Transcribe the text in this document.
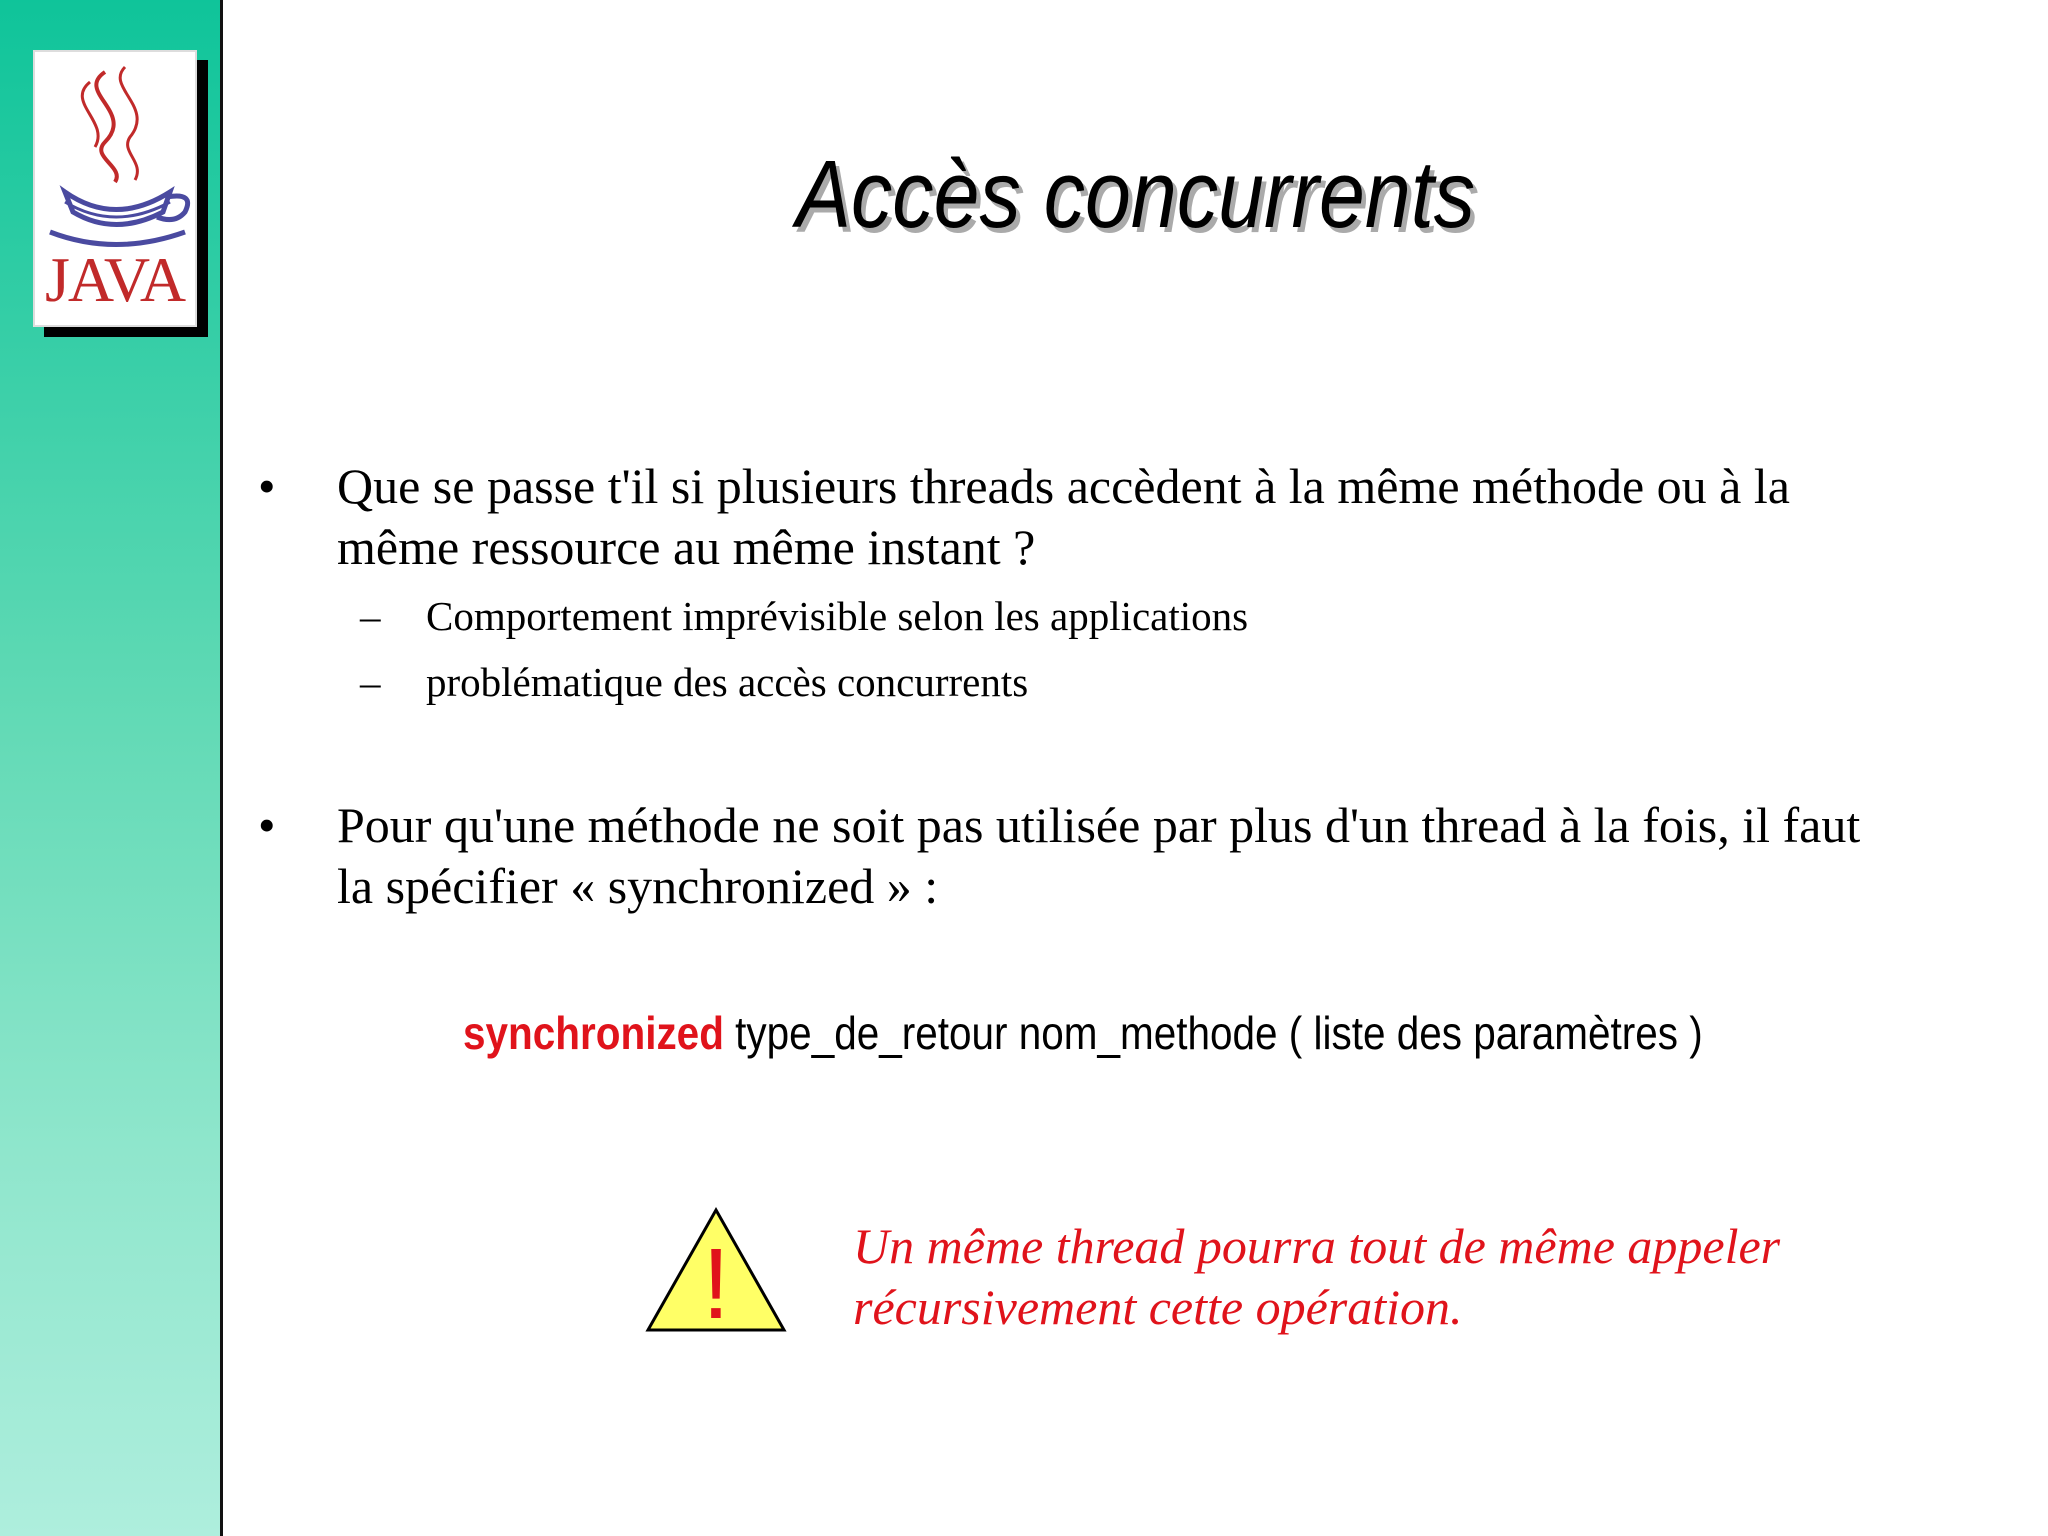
JAVA
Accès concurrents
• Que se passe t'il si plusieurs threads accèdent à la même méthode ou à la même ressource au même instant ?
– Comportement imprévisible selon les applications
– problématique des accès concurrents
• Pour qu'une méthode ne soit pas utilisée par plus d'un thread à la fois, il faut la spécifier « synchronized » :
synchronized type_de_retour nom_methode ( liste des paramètres )
! Un même thread pourra tout de même appeler récursivement cette opération.
